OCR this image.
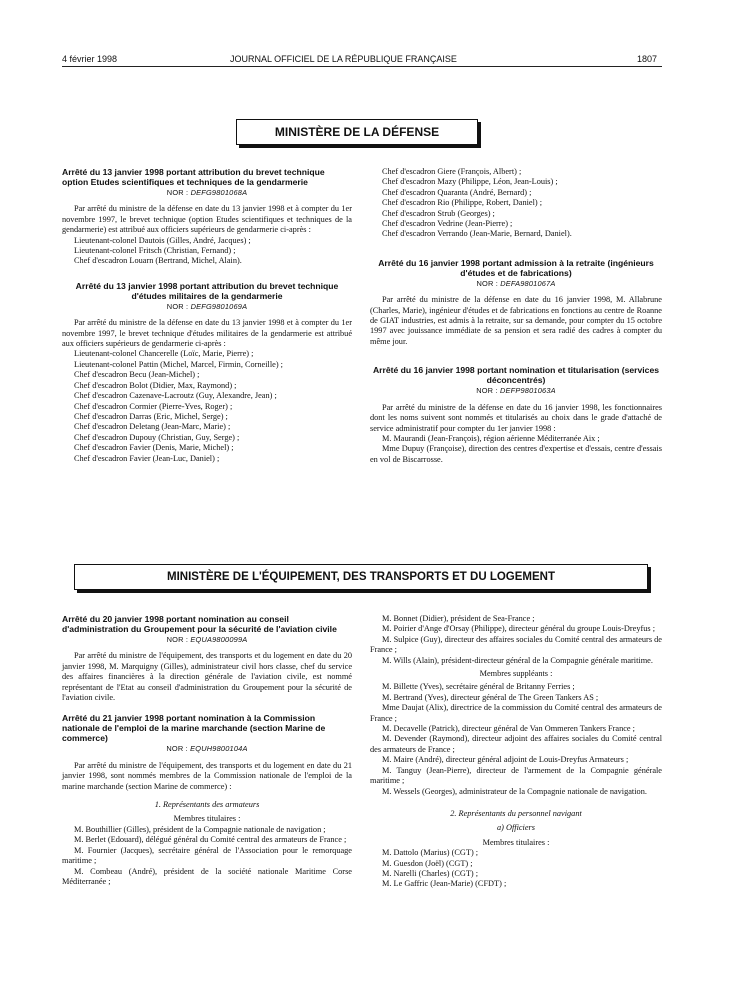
4 février 1998	JOURNAL OFFICIEL DE LA RÉPUBLIQUE FRANÇAISE	1807
MINISTÈRE DE LA DÉFENSE
Arrêté du 13 janvier 1998 portant attribution du brevet technique option Etudes scientifiques et techniques de la gendarmerie
NOR : DEFG9801068A

Par arrêté du ministre de la défense en date du 13 janvier 1998 et à compter du 1er novembre 1997, le brevet technique (option Etudes scientifiques et techniques de la gendarmerie) est attribué aux officiers supérieurs de gendarmerie ci-après :

Lieutenant-colonel Dautois (Gilles, André, Jacques) ;
Lieutenant-colonel Fritsch (Christian, Fernand) ;
Chef d'escadron Louarn (Bertrand, Michel, Alain).
Arrêté du 13 janvier 1998 portant attribution du brevet technique d'études militaires de la gendarmerie
NOR : DEFG9801069A

Par arrêté du ministre de la défense en date du 13 janvier 1998 et à compter du 1er novembre 1997, le brevet technique d'études militaires de la gendarmerie est attribué aux officiers supérieurs de gendarmerie ci-après :

Lieutenant-colonel Chancerelle (Loïc, Marie, Pierre) ;
Lieutenant-colonel Pattin (Michel, Marcel, Firmin, Corneille) ;
Chef d'escadron Becu (Jean-Michel) ;
Chef d'escadron Bolot (Didier, Max, Raymond) ;
Chef d'escadron Cazenave-Lacroutz (Guy, Alexandre, Jean) ;
Chef d'escadron Cormier (Pierre-Yves, Roger) ;
Chef d'escadron Darras (Eric, Michel, Serge) ;
Chef d'escadron Deletang (Jean-Marc, Marie) ;
Chef d'escadron Dupouy (Christian, Guy, Serge) ;
Chef d'escadron Favier (Denis, Marie, Michel) ;
Chef d'escadron Favier (Jean-Luc, Daniel) ;
Chef d'escadron Giere (François, Albert) ;
Chef d'escadron Mazy (Philippe, Léon, Jean-Louis) ;
Chef d'escadron Quaranta (André, Bernard) ;
Chef d'escadron Rio (Philippe, Robert, Daniel) ;
Chef d'escadron Strub (Georges) ;
Chef d'escadron Vedrine (Jean-Pierre) ;
Chef d'escadron Verrando (Jean-Marie, Bernard, Daniel).
Arrêté du 16 janvier 1998 portant admission à la retraite (ingénieurs d'études et de fabrications)
NOR : DEFA9801067A

Par arrêté du ministre de la défense en date du 16 janvier 1998, M. Allabrune (Charles, Marie), ingénieur d'études et de fabrications en fonctions au centre de Roanne de GIAT industries, est admis à la retraite, sur sa demande, pour compter du 15 octobre 1997 avec jouissance immédiate de sa pension et sera radié des cadres à compter du même jour.

Arrêté du 16 janvier 1998 portant nomination et titularisation (services déconcentrés)
NOR : DEFP9801063A

Par arrêté du ministre de la défense en date du 16 janvier 1998, les fonctionnaires dont les noms suivent sont nommés et titularisés au choix dans le grade d'attaché de service administratif pour compter du 1er janvier 1998 :

M. Maurandi (Jean-François), région aérienne Méditerranée Aix ;

Mme Dupuy (Françoise), direction des centres d'expertise et d'essais, centre d'essais en vol de Biscarrosse.

MINISTÈRE DE L'ÉQUIPEMENT, DES TRANSPORTS ET DU LOGEMENT
Arrêté du 20 janvier 1998 portant nomination au conseil d'administration du Groupement pour la sécurité de l'aviation civile
NOR : EQUA9800099A

Par arrêté du ministre de l'équipement, des transports et du logement en date du 20 janvier 1998, M. Marquigny (Gilles), administrateur civil hors classe, chef du service des affaires financières à la direction générale de l'aviation civile, est nommé représentant de l'Etat au conseil d'administration du Groupement pour la sécurité de l'aviation civile.

Arrêté du 21 janvier 1998 portant nomination à la Commission nationale de l'emploi de la marine marchande (section Marine de commerce)
NOR : EQUH9800104A

Par arrêté du ministre de l'équipement, des transports et du logement en date du 21 janvier 1998, sont nommés membres de la Commission nationale de l'emploi de la marine marchande (section Marine de commerce) :

1. Représentants des armateurs
Membres titulaires :

M. Bouthillier (Gilles), président de la Compagnie nationale de navigation ;

M. Berlet (Edouard), délégué général du Comité central des armateurs de France ;

M. Fournier (Jacques), secrétaire général de l'Association pour le remorquage maritime ;

M. Combeau (André), président de la société nationale Maritime Corse Méditerranée ;

M. Bonnet (Didier), président de Sea-France ;

M. Poirier d'Ange d'Orsay (Philippe), directeur général du groupe Louis-Dreyfus ;

M. Sulpice (Guy), directeur des affaires sociales du Comité central des armateurs de France ;

M. Wills (Alain), président-directeur général de la Compagnie générale maritime.

Membres suppléants :

M. Billette (Yves), secrétaire général de Britanny Ferries ;

M. Bertrand (Yves), directeur général de The Green Tankers AS ;

Mme Daujat (Alix), directrice de la commission du Comité central des armateurs de France ;

M. Decavelle (Patrick), directeur général de Van Ommeren Tankers France ;

M. Devender (Raymond), directeur adjoint des affaires sociales du Comité central des armateurs de France ;

M. Maire (André), directeur général adjoint de Louis-Dreyfus Armateurs ;

M. Tanguy (Jean-Pierre), directeur de l'armement de la Compagnie générale maritime ;

M. Wessels (Georges), administrateur de la Compagnie nationale de navigation.

2. Représentants du personnel navigant
a) Officiers
Membres titulaires :
M. Dattolo (Marius) (CGT) ;
M. Guesdon (Joël) (CGT) ;
M. Narelli (Charles) (CGT) ;
M. Le Gaffric (Jean-Marie) (CFDT) ;
